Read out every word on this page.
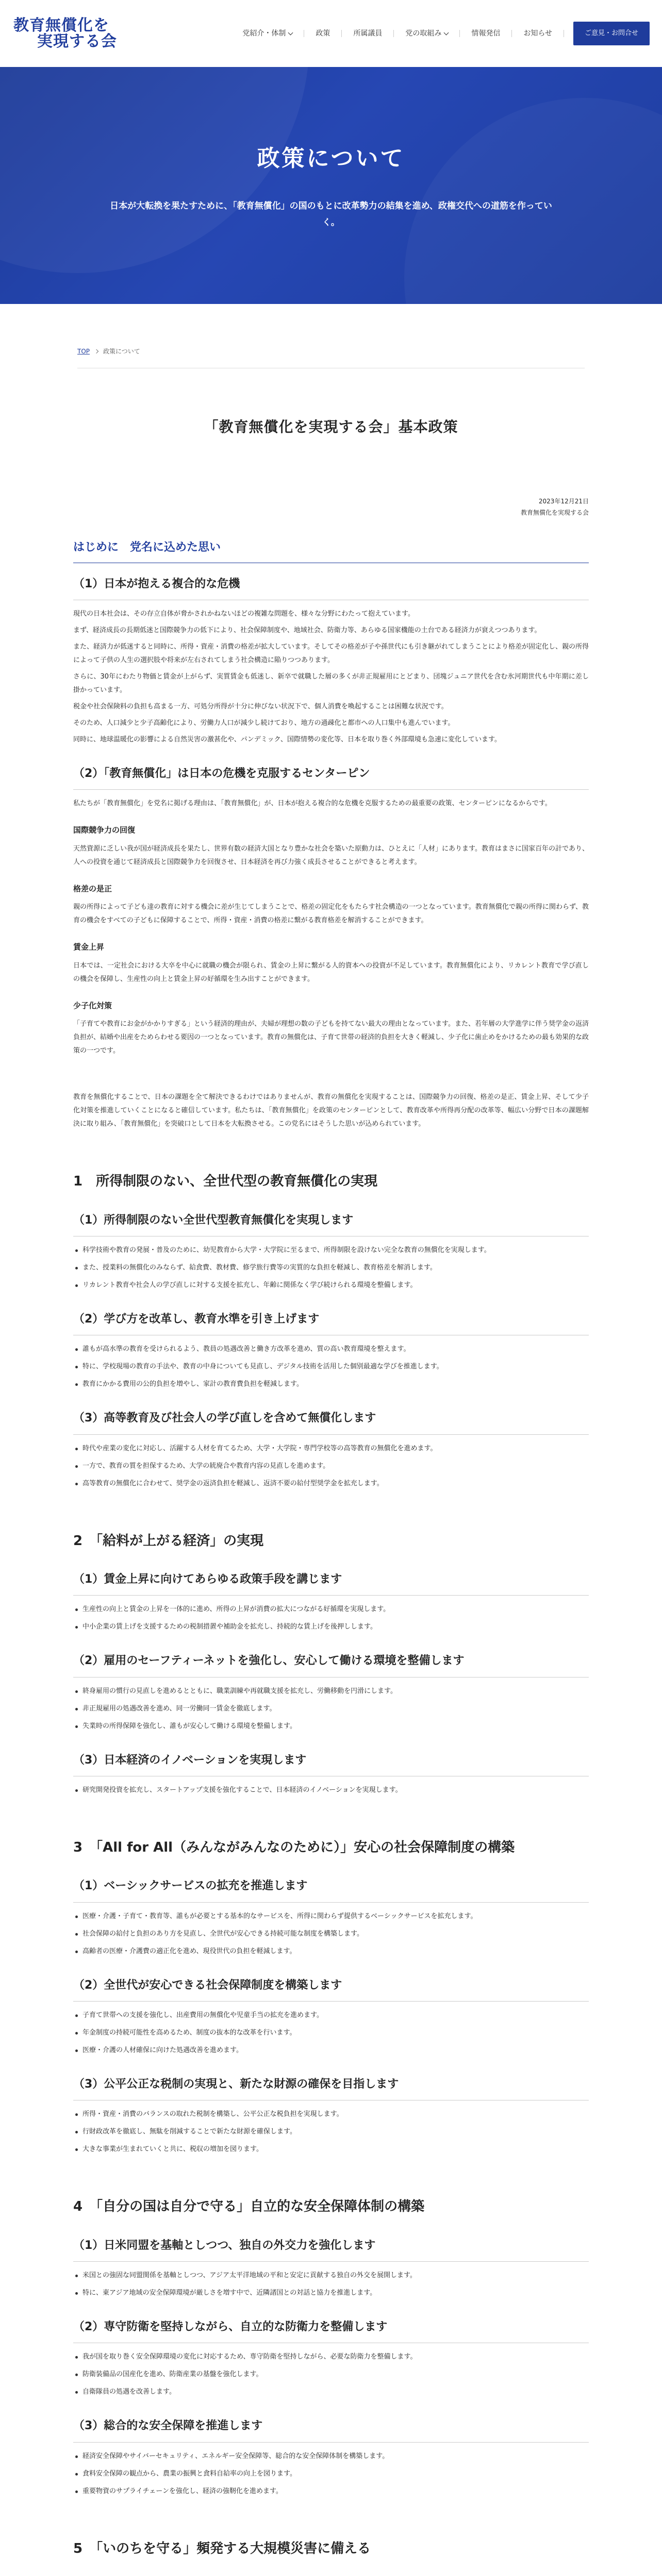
教育無償化を
実現する会	党紹介・体制	政策	所属議員	党の取組み	情報発信	お知らせ	ご意見・お問合せ
政策について

日本が大転換を果たすために、「教育無償化」の国のもとに改革勢力の結集を進め、政権交代への道筋を作っていく。

TOP 政策について
「教育無償化を実現する会」基本政策
2023年12月21日
教育無償化を実現する会
はじめに　党名に込めた思い
（1）日本が抱える複合的な危機

現代の日本社会は、その存立自体が脅かされかねないほどの複雑な問題を、様々な分野にわたって抱えています。

まず、経済成長の長期低迷と国際競争力の低下により、社会保障制度や、地域社会、防衛力等、あらゆる国家機能の土台である経済力が衰えつつあります。

また、経済力が低迷すると同時に、所得・資産・消費の格差が拡大しています。そしてその格差が子や孫世代にも引き継がれてしまうことにより格差が固定化し、親の所得によって子供の人生の選択肢や将来が左右されてしまう社会構造に陥りつつあります。

さらに、30年にわたり物価と賃金が上がらず、実質賃金も低迷し、新卒で就職した層の多くが非正規雇用にとどまり、団塊ジュニア世代を含む氷河期世代も中年期に差し掛かっています。

税金や社会保険料の負担も高まる一方、可処分所得が十分に伸びない状況下で、個人消費を喚起することは困難な状況です。

そのため、人口減少と少子高齢化により、労働力人口が減少し続けており、地方の過疎化と都市への人口集中も進んでいます。

同時に、地球温暖化の影響による自然災害の激甚化や、パンデミック、国際情勢の変化等、日本を取り巻く外部環境も急速に変化しています。

（2）「教育無償化」は日本の危機を克服するセンターピン

私たちが「教育無償化」を党名に掲げる理由は、「教育無償化」が、日本が抱える複合的な危機を克服するための最重要の政策、センターピンになるからです。

国際競争力の回復

天然資源に乏しい我が国が経済成長を果たし、世界有数の経済大国となり豊かな社会を築いた原動力は、ひとえに「人材」にあります。教育はまさに国家百年の計であり、人への投資を通じて経済成長と国際競争力を回復させ、日本経済を再び力強く成長させることができると考えます。

格差の是正

親の所得によって子ども達の教育に対する機会に差が生じてしまうことで、格差の固定化をもたらす社会構造の一つとなっています。教育無償化で親の所得に関わらず、教育の機会をすべての子どもに保障することで、所得・資産・消費の格差に繋がる教育格差を解消することができます。

賃金上昇

日本では、一定社会における大卒を中心に就職の機会が限られ、賃金の上昇に繋がる人的資本への投資が不足しています。教育無償化により、リカレント教育で学び直しの機会を保障し、生産性の向上と賃金上昇の好循環を生み出すことができます。

少子化対策

「子育てや教育にお金がかかりすぎる」という経済的理由が、夫婦が理想の数の子どもを持てない最大の理由となっています。また、若年層の大学進学に伴う奨学金の返済負担が、結婚や出産をためらわせる要因の一つとなっています。教育の無償化は、子育て世帯の経済的負担を大きく軽減し、少子化に歯止めをかけるための最も効果的な政策の一つです。

教育を無償化することで、日本の課題を全て解決できるわけではありませんが、教育の無償化を実現することは、国際競争力の回復、格差の是正、賃金上昇、そして少子化対策を推進していくことになると確信しています。私たちは、「教育無償化」を政策のセンターピンとして、教育改革や所得再分配の改革等、幅広い分野で日本の課題解決に取り組み、「教育無償化」を突破口として日本を大転換させる。この党名にはそうした思いが込められています。

1　所得制限のない、全世代型の教育無償化の実現
（1）所得制限のない全世代型教育無償化を実現します
科学技術や教育の発展・普及のために、幼児教育から大学・大学院に至るまで、所得制限を設けない完全な教育の無償化を実現します。
また、授業料の無償化のみならず、給食費、教材費、修学旅行費等の実質的な負担を軽減し、教育格差を解消します。
リカレント教育や社会人の学び直しに対する支援を拡充し、年齢に関係なく学び続けられる環境を整備します。
（2）学び方を改革し、教育水準を引き上げます
誰もが高水準の教育を受けられるよう、教員の処遇改善と働き方改革を進め、質の高い教育環境を整えます。
特に、学校現場の教育の手法や、教育の中身についても見直し、デジタル技術を活用した個別最適な学びを推進します。
教育にかかる費用の公的負担を増やし、家計の教育費負担を軽減します。
（3）高等教育及び社会人の学び直しを含めて無償化します
時代や産業の変化に対応し、活躍する人材を育てるため、大学・大学院・専門学校等の高等教育の無償化を進めます。
一方で、教育の質を担保するため、大学の統廃合や教育内容の見直しを進めます。
高等教育の無償化に合わせて、奨学金の返済負担を軽減し、返済不要の給付型奨学金を拡充します。
2　「給料が上がる経済」の実現
（1）賃金上昇に向けてあらゆる政策手段を講じます
生産性の向上と賃金の上昇を一体的に進め、所得の上昇が消費の拡大につながる好循環を実現します。
中小企業の賃上げを支援するための税制措置や補助金を拡充し、持続的な賃上げを後押しします。
（2）雇用のセーフティーネットを強化し、安心して働ける環境を整備します
終身雇用の慣行の見直しを進めるとともに、職業訓練や再就職支援を拡充し、労働移動を円滑にします。
非正規雇用の処遇改善を進め、同一労働同一賃金を徹底します。
失業時の所得保障を強化し、誰もが安心して働ける環境を整備します。
（3）日本経済のイノベーションを実現します
研究開発投資を拡充し、スタートアップ支援を強化することで、日本経済のイノベーションを実現します。
3　「All for All（みんながみんなのために）」安心の社会保障制度の構築
（1）ベーシックサービスの拡充を推進します
医療・介護・子育て・教育等、誰もが必要とする基本的なサービスを、所得に関わらず提供するベーシックサービスを拡充します。
社会保障の給付と負担のあり方を見直し、全世代が安心できる持続可能な制度を構築します。
高齢者の医療・介護費の適正化を進め、現役世代の負担を軽減します。
（2）全世代が安心できる社会保障制度を構築します
子育て世帯への支援を強化し、出産費用の無償化や児童手当の拡充を進めます。
年金制度の持続可能性を高めるため、制度の抜本的な改革を行います。
医療・介護の人材確保に向けた処遇改善を進めます。
（3）公平公正な税制の実現と、新たな財源の確保を目指します
所得・資産・消費のバランスの取れた税制を構築し、公平公正な税負担を実現します。
行財政改革を徹底し、無駄を削減することで新たな財源を確保します。
大きな事業が生まれていくと共に、税収の増加を図ります。
4　「自分の国は自分で守る」自立的な安全保障体制の構築
（1）日米同盟を基軸としつつ、独自の外交力を強化します
米国との強固な同盟関係を基軸としつつ、アジア太平洋地域の平和と安定に貢献する独自の外交を展開します。
特に、東アジア地域の安全保障環境が厳しさを増す中で、近隣諸国との対話と協力を推進します。
（2）専守防衛を堅持しながら、自立的な防衛力を整備します
我が国を取り巻く安全保障環境の変化に対応するため、専守防衛を堅持しながら、必要な防衛力を整備します。
防衛装備品の国産化を進め、防衛産業の基盤を強化します。
自衛隊員の処遇を改善します。
（3）総合的な安全保障を推進します
経済安全保障やサイバーセキュリティ、エネルギー安全保障等、総合的な安全保障体制を構築します。
食料安全保障の観点から、農業の振興と食料自給率の向上を図ります。
重要物資のサプライチェーンを強化し、経済の強靭化を進めます。
5　「いのちを守る」頻発する大規模災害に備える
